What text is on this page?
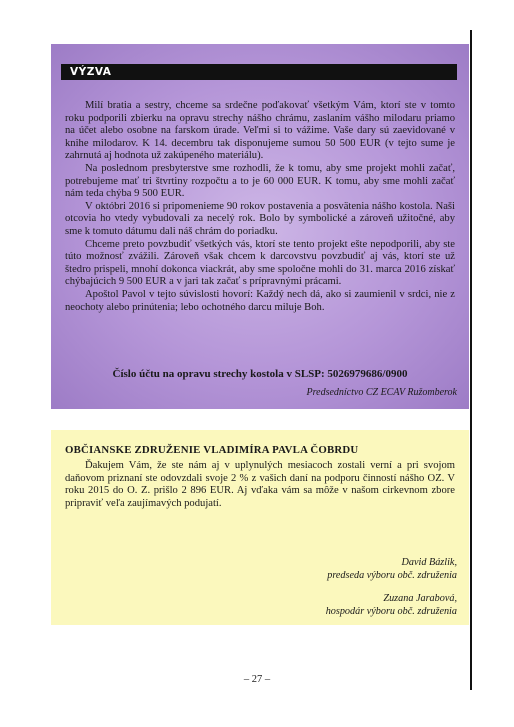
VÝZVA

Milí bratia a sestry, chceme sa srdečne poďakovať všetkým Vám, ktorí ste v tomto roku podporili zbierku na opravu strechy nášho chrámu, zaslaním vášho milodaru priamo na účet alebo osobne na farskom úrade. Veľmi si to vážime. Vaše dary sú zaevidované v knihe milodarov. K 14. decembru tak disponujeme sumou 50 500 EUR (v tejto sume je zahrnutá aj hodnota už zakúpeného materiálu).

Na poslednom presbyterstve sme rozhodli, že k tomu, aby sme projekt mohli začať, potrebujeme mať tri štvrtiny rozpočtu a to je 60 000 EUR. K tomu, aby sme mohli začať nám teda chýba 9 500 EUR.

V októbri 2016 si pripomenieme 90 rokov postavenia a posvätenia nášho kostola. Naši otcovia ho vtedy vybudovali za necelý rok. Bolo by symbolické a zároveň užitočné, aby sme k tomuto dátumu dali náš chrám do poriadku.

Chceme preto povzbudiť všetkých vás, ktorí ste tento projekt ešte nepodporili, aby ste túto možnosť zvážili. Zároveň však chcem k darcovstvu povzbudiť aj vás, ktorí ste už štedro prispeli, mnohí dokonca viackrát, aby sme spoločne mohli do 31. marca 2016 získať chýbajúcich 9 500 EUR a v jari tak začať s prípravnými prácami.

Apoštol Pavol v tejto súvislosti hovorí: Každý nech dá, ako si zaumienil v srdci, nie z neochoty alebo prinútenia; lebo ochotného darcu miluje Boh.

Číslo účtu na opravu strechy kostola v SLSP: 5026979686/0900
Predsedníctvo CZ ECAV Ružomberok
OBČIANSKE ZDRUŽENIE VLADIMÍRA PAVLA ČOBRDU

Ďakujem Vám, že ste nám aj v uplynulých mesiacoch zostali verní a pri svojom daňovom priznaní ste odovzdali svoje 2 % z vašich daní na podporu činností nášho OZ. V roku 2015 do O. Z. prišlo 2 896 EUR. Aj vďaka vám sa môže v našom cirkevnom zbore pripraviť veľa zaujímavých podujatí.

David Bázlik,
predseda výboru obč. združenia
Zuzana Jarabová,
hospodár výboru obč. združenia
– 27 –
